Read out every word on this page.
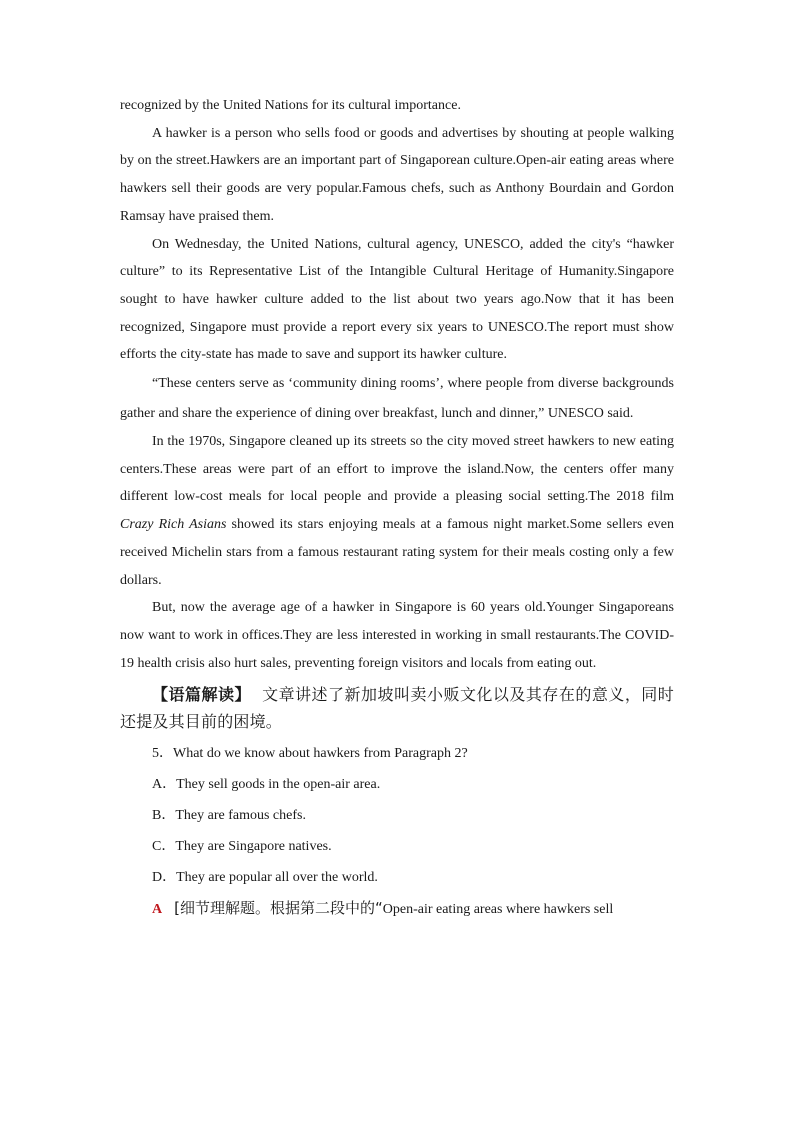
recognized by the United Nations for its cultural importance.

A hawker is a person who sells food or goods and advertises by shouting at people walking by on the street.Hawkers are an important part of Singaporean culture.Open-air eating areas where hawkers sell their goods are very popular.Famous chefs, such as Anthony Bourdain and Gordon Ramsay have praised them.

On Wednesday, the United Nations, cultural agency, UNESCO, added the city's “hawker culture” to its Representative List of the Intangible Cultural Heritage of Humanity.Singapore sought to have hawker culture added to the list about two years ago.Now that it has been recognized, Singapore must provide a report every six years to UNESCO.The report must show efforts the city-state has made to save and support its hawker culture.

“These centers serve as ‘community dining rooms’, where people from diverse backgrounds gather and share the experience of dining over breakfast, lunch and dinner,” UNESCO said.

In the 1970s, Singapore cleaned up its streets so the city moved street hawkers to new eating centers.These areas were part of an effort to improve the island.Now, the centers offer many different low-cost meals for local people and provide a pleasing social setting.The 2018 film Crazy Rich Asians showed its stars enjoying meals at a famous night market.Some sellers even received Michelin stars from a famous restaurant rating system for their meals costing only a few dollars.

But, now the average age of a hawker in Singapore is 60 years old.Younger Singaporeans now want to work in offices.They are less interested in working in small restaurants.The COVID-19 health crisis also hurt sales, preventing foreign visitors and locals from eating out.

【语篇解读】 文章讲述了新加坡叫卖小贩文化以及其存在的意义，同时还提及其目前的困境。

5．What do we know about hawkers from Paragraph 2?

A．They sell goods in the open-air area.

B．They are famous chefs.

C．They are Singapore natives.

D．They are popular all over the world.

A [细节理解题。根据第二段中的“Open-air eating areas where hawkers sell
